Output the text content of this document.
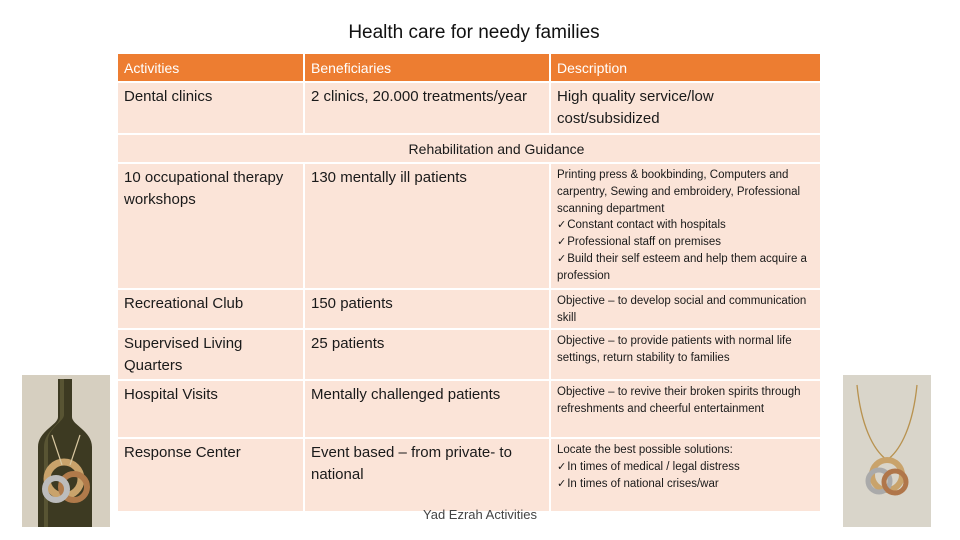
Health care for needy families
Activities	Beneficiaries	Description
Dental clinics	2 clinics, 20.000 treatments/year	High quality service/low cost/subsidized
Rehabilitation and Guidance		
10 occupational therapy workshops	130 mentally ill patients	Printing press & bookbinding, Computers and carpentry, Sewing and embroidery, Professional scanning department
✓ Constant contact with hospitals
✓ Professional staff on premises
✓ Build their self esteem and help them acquire a profession

Recreational Club	150 patients	Objective – to develop social and communication skill
Supervised Living Quarters	25 patients	Objective – to provide patients with normal life settings, return stability to families
Hospital Visits	Mentally challenged patients	Objective – to revive their broken spirits through refreshments and cheerful entertainment
Response Center	Event based – from private- to national	Locate the best possible solutions:
✓ In times of medical / legal distress
✓ In times of national crises/war
Yad Ezrah Activities
